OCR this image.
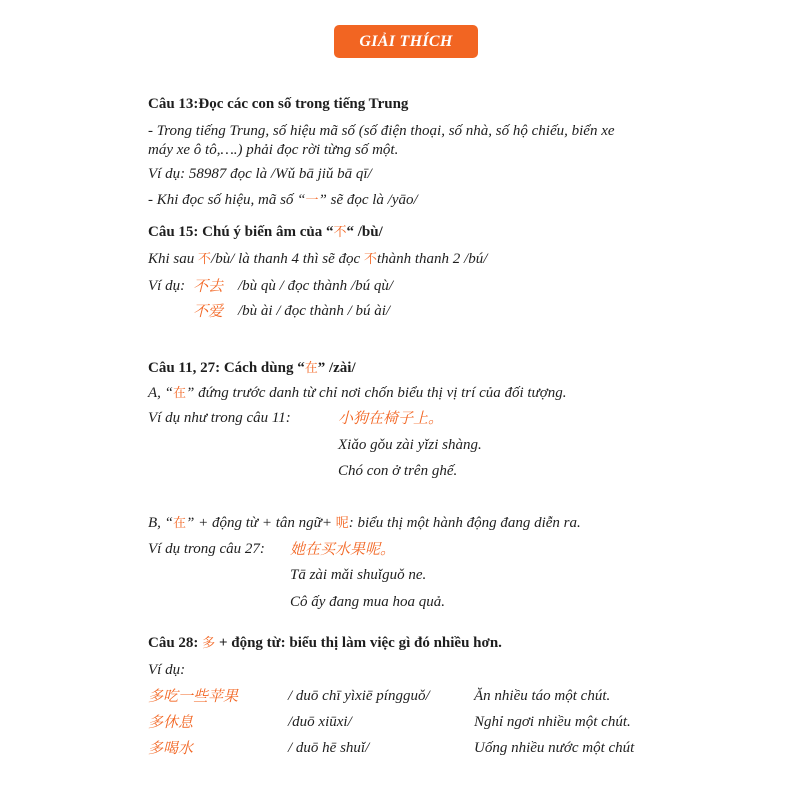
GIẢI THÍCH
Câu 13:Đọc các con số trong tiếng Trung
- Trong tiếng Trung, số hiệu mã số (số điện thoại, số nhà, số hộ chiếu, biển xe
máy xe ô tô,….) phải đọc rời từng số một.
Ví dụ: 58987 đọc là /Wǔ bā jiǔ bā qī/
- Khi đọc số hiệu, mã số “一” sẽ đọc là /yāo/
Câu 15: Chú ý biến âm của “不“ /bù/
Khi sau 不/bù/ là thanh 4 thì sẽ đọc 不thành thanh 2 /bú/
Ví dụ: 不去 /bù qù / đọc thành /bú qù/
不爱 /bù ài / đọc thành / bú ài/
Câu 11, 27: Cách dùng “在” /zài/
A, “在” đứng trước danh từ chỉ nơi chốn biểu thị vị trí của đối tượng.
Ví dụ như trong câu 11:	小狗在椅子上。
Xiǎo gǒu zài yǐzi shàng.
Chó con ở trên ghế.
B, “在” + động từ + tân ngữ+ 呢: biểu thị một hành động đang diễn ra.
Ví dụ trong câu 27: 她在买水果呢。
Tā zài mǎi shuǐguǒ ne.
Cô ấy đang mua hoa quả.
Câu 28: 多 + động từ: biểu thị làm việc gì đó nhiều hơn.
Ví dụ:
多吃一些苹果	/ duō chī yìxiē píngguǒ/	Ăn nhiều táo một chút.
多休息	/duō xiūxi/	Nghỉ ngơi nhiều một chút.
多喝水	/ duō hē shuǐ/	Uống nhiều nước một chút
